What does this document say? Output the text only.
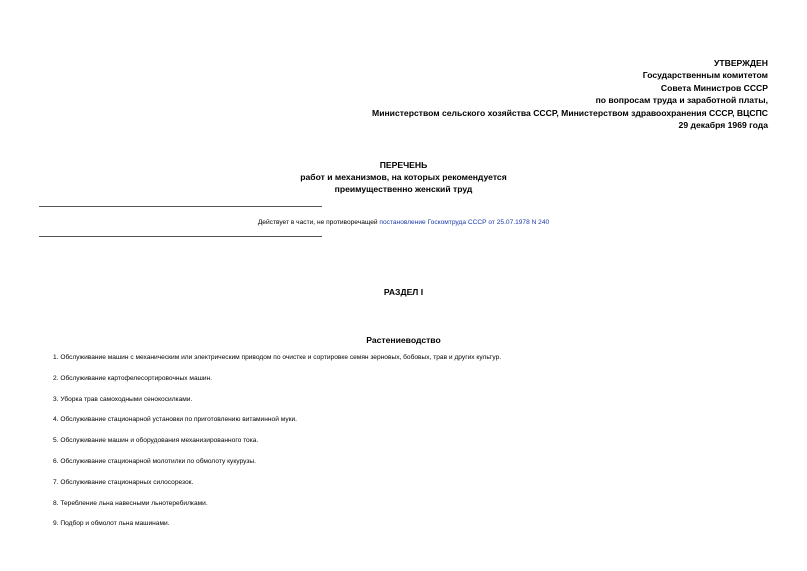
УТВЕРЖДЕН
Государственным комитетом
Совета Министров СССР
по вопросам труда и заработной платы,
Министерством сельского хозяйства СССР, Министерством здравоохранения СССР, ВЦСПС
29 декабря 1969 года
ПЕРЕЧЕНЬ
работ и механизмов, на которых рекомендуется
преимущественно женский труд
Действует в части, не противоречащей постановление Госкомтруда СССР от 25.07.1978 N 240
РАЗДЕЛ I
Растениеводство
1. Обслуживание машин с механическим или электрическим приводом по очистке и сортировке семян зерновых, бобовых, трав и других культур.
2. Обслуживание картофелесортировочных машин.
3. Уборка трав самоходными сенокосилками.
4. Обслуживание стационарной установки по приготовлению витаминной муки.
5. Обслуживание машин и оборудования механизированного тока.
6. Обслуживание стационарной молотилки по обмолоту кукурузы.
7. Обслуживание стационарных силосорезок.
8. Теребление льна навесными льнотеребилками.
9. Подбор и обмолот льна машинами.
